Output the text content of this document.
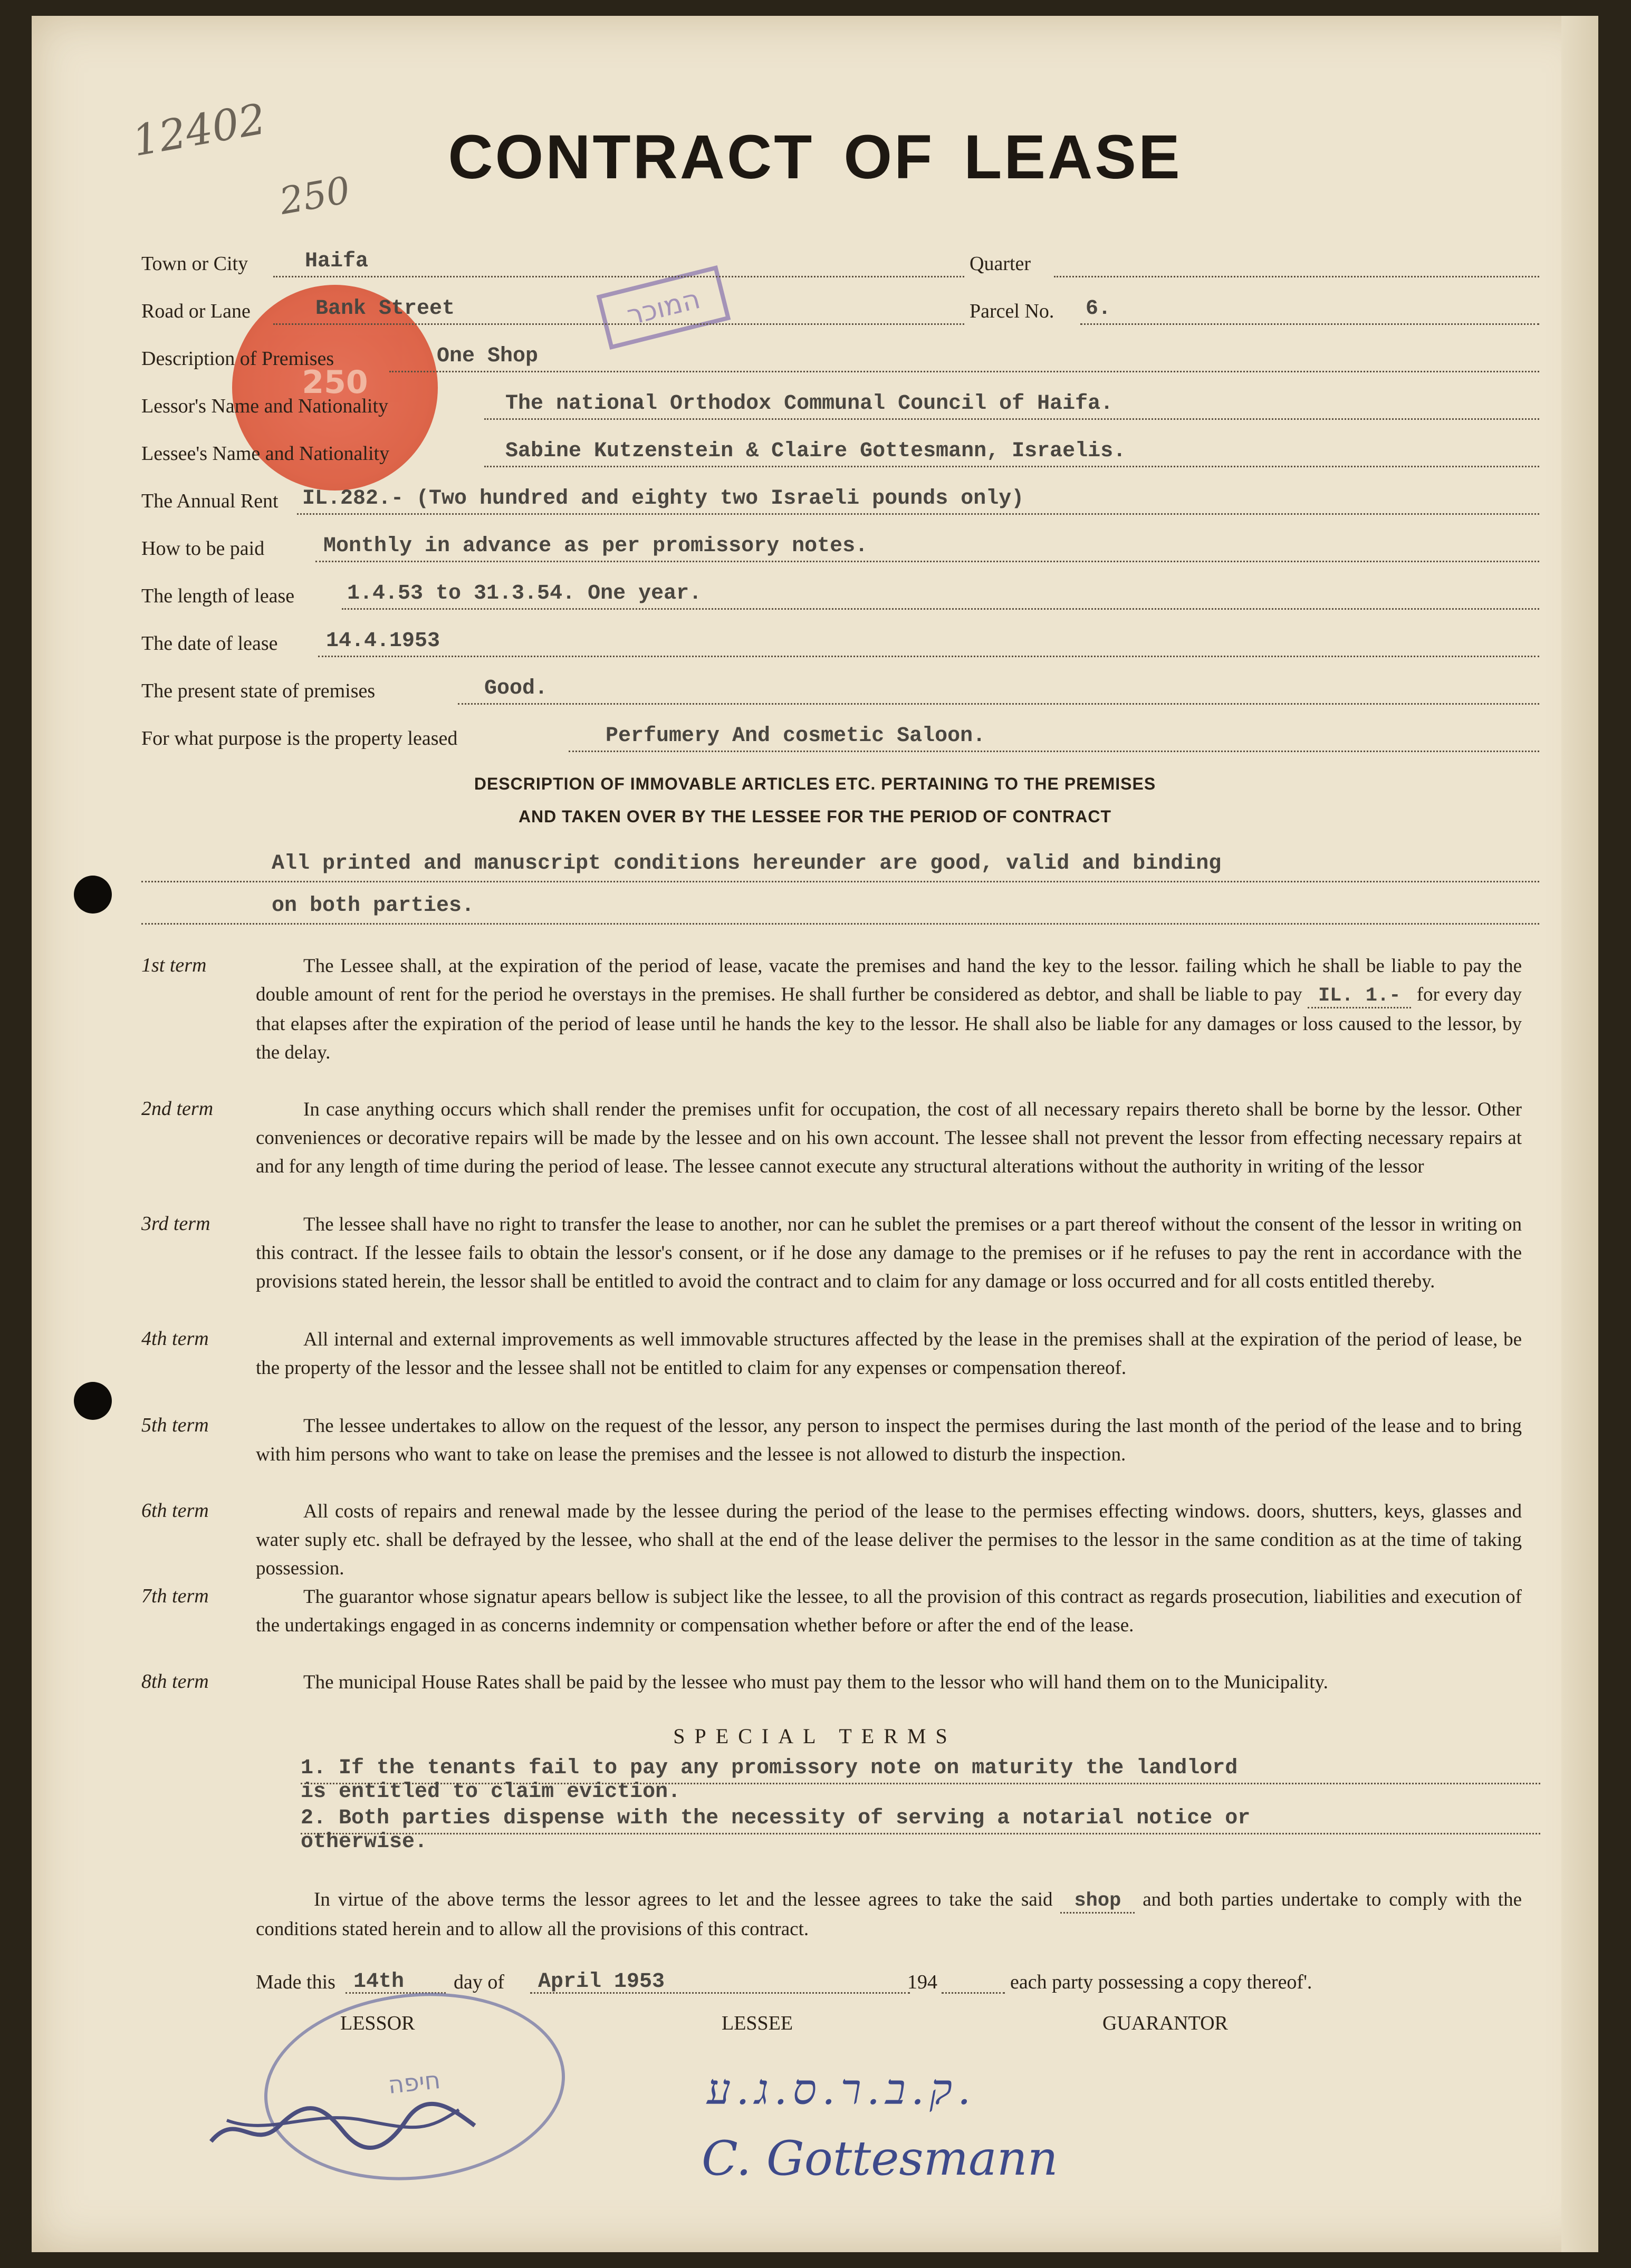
12402
250
CONTRACT OF LEASE
250
המוכר
Town or City	Haifa	Quarter
Road or Lane	Bank Street	Parcel No. 6.
Description of Premises	One Shop
Lessor's Name and Nationality	The national Orthodox Communal Council of Haifa.
Lessee's Name and Nationality	Sabine Kutzenstein & Claire Gottesmann, Israelis.
The Annual Rent IL.282.- (Two hundred and eighty two Israeli pounds only)
How to be paid	Monthly in advance as per promissory notes.
The length of lease 1.4.53 to 31.3.54. One year.
The date of lease 14.4.1953
The present state of premises	Good.
For what purpose is the property leased	Perfumery And cosmetic Saloon.
DESCRIPTION OF IMMOVABLE ARTICLES ETC. PERTAINING TO THE PREMISES
AND TAKEN OVER BY THE LESSEE FOR THE PERIOD OF CONTRACT
All printed and manuscript conditions hereunder are good, valid and binding
on both parties.
1st term	The Lessee shall, at the expiration of the period of lease, vacate the premises and hand the key to the lessor. failing which he shall be liable to pay the double amount of rent for the period he overstays in the premises. He shall further be considered as debtor, and shall be liable to pay IL. 1.- for every day that elapses after the expiration of the period of lease until he hands the key to the lessor. He shall also be liable for any damages or loss caused to the lessor, by the delay.
2nd term	In case anything occurs which shall render the premises unfit for occupation, the cost of all necessary repairs thereto shall be borne by the lessor. Other conveniences or decorative repairs will be made by the lessee and on his own account. The lessee shall not prevent the lessor from effecting necessary repairs at and for any length of time during the period of lease. The lessee cannot execute any structural alterations without the authority in writing of the lessor
3rd term	The lessee shall have no right to transfer the lease to another, nor can he sublet the premises or a part thereof without the consent of the lessor in writing on this contract. If the lessee fails to obtain the lessor's consent, or if he dose any damage to the premises or if he refuses to pay the rent in accordance with the provisions stated herein, the lessor shall be entitled to avoid the contract and to claim for any damage or loss occurred and for all costs entitled thereby.
4th term	All internal and external improvements as well immovable structures affected by the lease in the premises shall at the expiration of the period of lease, be the property of the lessor and the lessee shall not be entitled to claim for any expenses or compensation thereof.
5th term	The lessee undertakes to allow on the request of the lessor, any person to inspect the permises during the last month of the period of the lease and to bring with him persons who want to take on lease the premises and the lessee is not allowed to disturb the inspection.
6th term	All costs of repairs and renewal made by the lessee during the period of the lease to the permises effecting windows. doors, shutters, keys, glasses and water suply etc. shall be defrayed by the lessee, who shall at the end of the lease deliver the permises to the lessor in the same condition as at the time of taking possession.
7th term	The guarantor whose signatur apears bellow is subject like the lessee, to all the provision of this contract as regards prosecution, liabilities and execution of the undertakings engaged in as concerns indemnity or compensation whether before or after the end of the lease.
8th term	The municipal House Rates shall be paid by the lessee who must pay them to the lessor who will hand them on to the Municipality.
SPECIAL TERMS
1. If the tenants fail to pay any promissory note on maturity the landlord
is entitled to claim eviction.
2. Both parties dispense with the necessity of serving a notarial notice or
otherwise.
In virtue of the above terms the lessor agrees to let and the lessee agrees to take the said shop and both parties undertake to comply with the conditions stated herein and to allow all the provisions of this contract.
Made this 14th day of April 1953	194	each party possessing a copy thereof'.
LESSOR	LESSEE	GUARANTOR
חיפה	ק.ב.ר.ס.ג.ע.
C. Gottesmann
